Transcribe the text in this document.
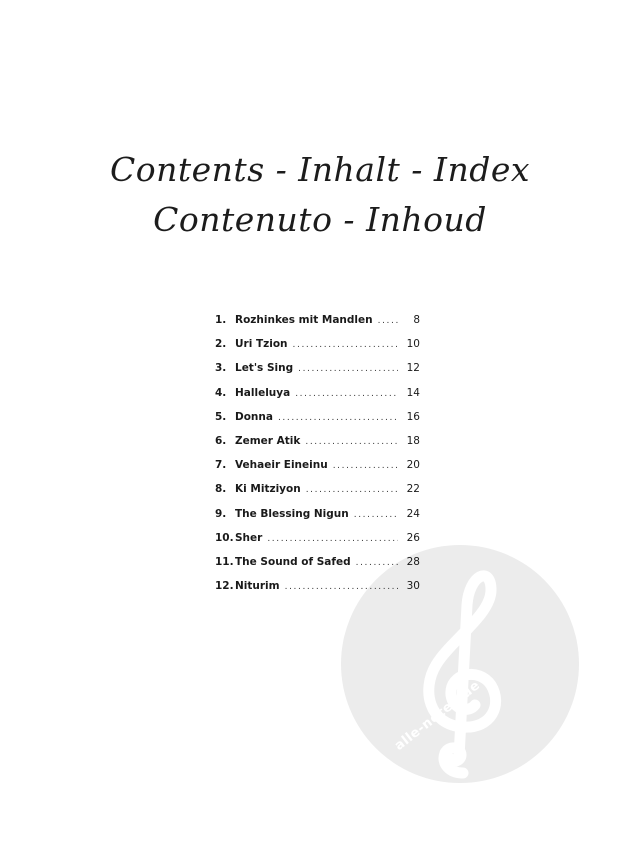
Contents - Inhalt - Index
Contenuto - Inhoud
alle-noten.de
1. Rozhinkes mit Mandlen .....	8
2. Uri Tzion .....	10
3. Let's Sing .....	12
4. Halleluya .....	14
5. Donna .....	16
6. Zemer Atik .....	18
7. Vehaeir Eineinu .....	20
8. Ki Mitziyon .....	22
9. The Blessing Nigun .....	24
10. Sher .....	26
11. The Sound of Safed .....	28
12. Niturim .....	30
